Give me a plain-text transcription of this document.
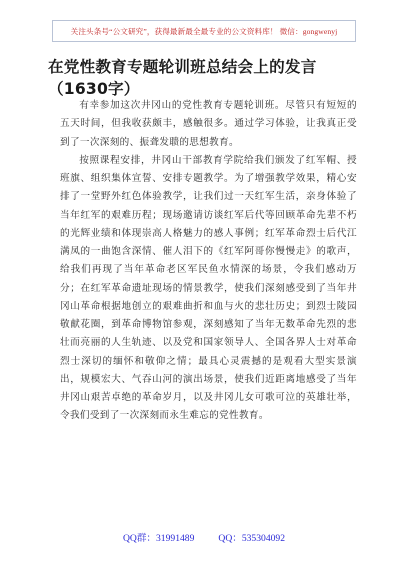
关注头条号“公文研究”，获得最新最全最专业的公文资料库！ 微信：gongwenyj
在党性教育专题轮训班总结会上的发言
（1630字）

有幸参加这次井冈山的党性教育专题轮训班。尽管只有短短的五天时间，但我收获颇丰，感触很多。通过学习体验，让我真正受到了一次深刻的、振聋发聩的思想教育。

按照课程安排，井冈山干部教育学院给我们颁发了红军帽、授班旗、组织集体宣誓、安排专题教学。为了增强教学效果，精心安排了一堂野外红色体验教学，让我们过一天红军生活，亲身体验了当年红军的艰难历程；现场邀请访谈红军后代等回顾革命先辈不朽的光辉业绩和体现崇高人格魅力的感人事例；红军革命烈士后代江满凤的一曲饱含深情、催人泪下的《红军阿哥你慢慢走》的歌声，给我们再现了当年革命老区军民鱼水情深的场景，令我们感动万分；在红军革命遗址现场的情景教学，使我们深刻感受到了当年井冈山革命根据地创立的艰难曲折和血与火的悲壮历史；到烈士陵园敬献花圈，到革命博物馆参观，深刻感知了当年无数革命先烈的悲壮而亮丽的人生轨迹、以及党和国家领导人、全国各界人士对革命烈士深切的缅怀和敬仰之情；最具心灵震撼的是观看大型实景演出，规模宏大、气吞山河的演出场景，使我们近距离地感受了当年井冈山艰苦卓绝的革命岁月，以及井冈儿女可歌可泣的英雄壮举，令我们受到了一次深刻而永生难忘的党性教育。

QQ群：31991489	QQ：535304092
